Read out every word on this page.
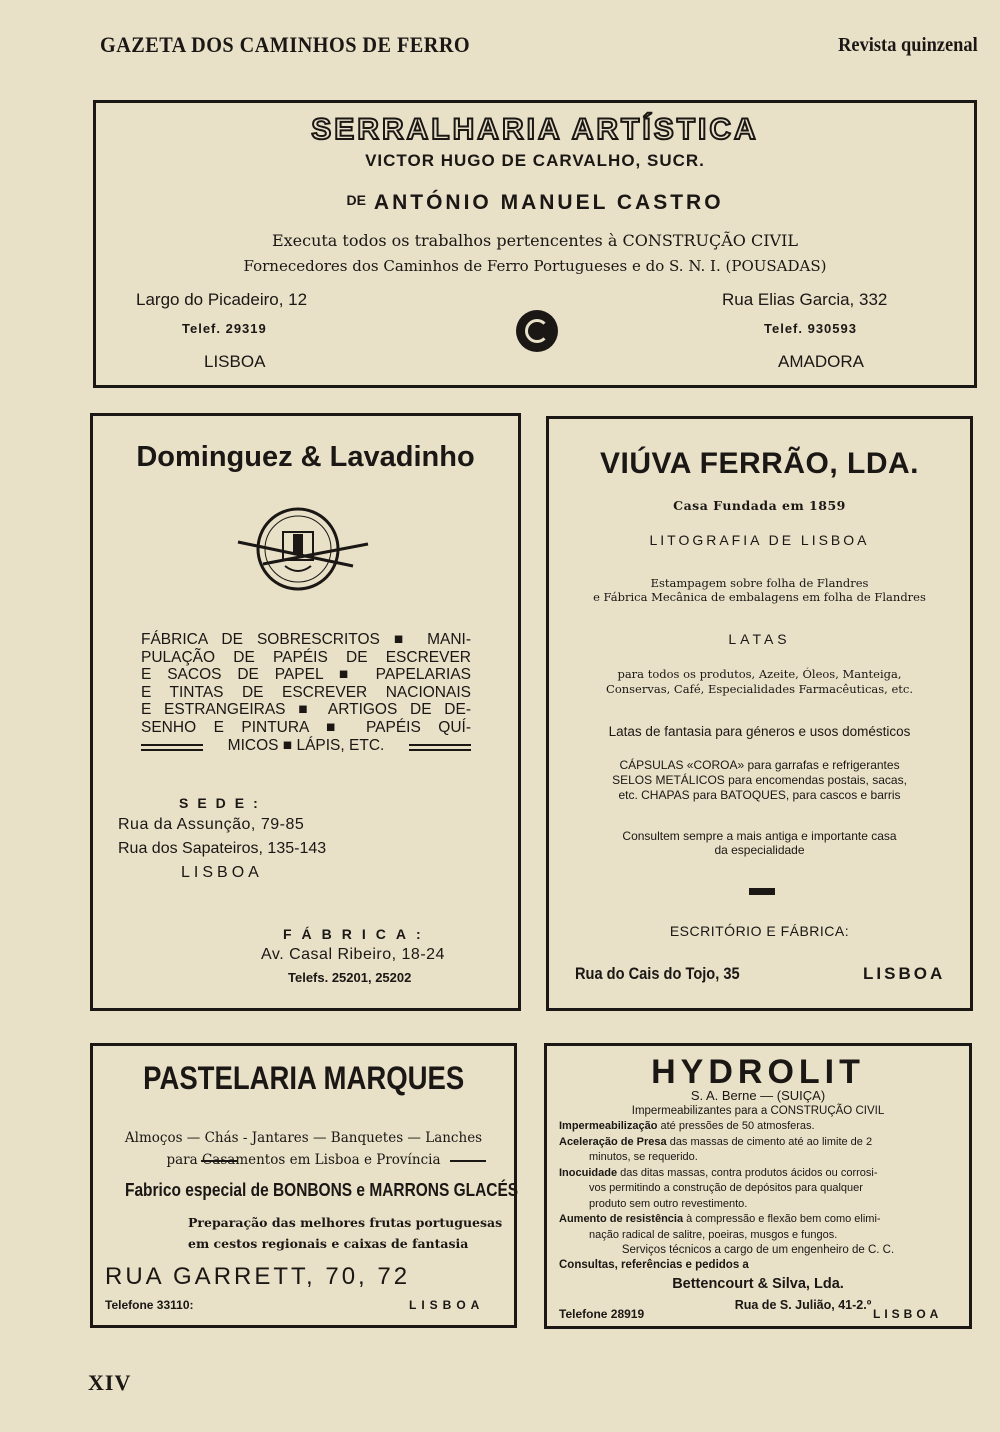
GAZETA DOS CAMINHOS DE FERRO	Revista quinzenal
SERRALHARIA ARTÍSTICA
VICTOR HUGO DE CARVALHO, SUCR.
DE ANTÓNIO MANUEL CASTRO
Executa todos os trabalhos pertencentes à CONSTRUÇÃO CIVIL
Fornecedores dos Caminhos de Ferro Portugueses e do S. N. I. (POUSADAS)
Largo do Picadeiro, 12
Telef. 29319
LISBOA
Rua Elias Garcia, 332
Telef. 930593
AMADORA
Dominguez & Lavadinho
FÁBRICA DE SOBRESCRITOS ■ MANI-
PULAÇÃO DE PAPÉIS DE ESCREVER
E SACOS DE PAPEL ■ PAPELARIAS
E TINTAS DE ESCREVER NACIONAIS
E ESTRANGEIRAS ■ ARTIGOS DE DE-
SENHO E PINTURA ■ PAPÉIS QUÍ-
MICOS ■ LÁPIS, ETC.
SEDE:
Rua da Assunção, 79-85
Rua dos Sapateiros, 135-143
LISBOA
FÁBRICA:
Av. Casal Ribeiro, 18-24
Telefs. 25201, 25202
VIÚVA FERRÃO, LDA.
Casa Fundada em 1859
LITOGRAFIA DE LISBOA
Estampagem sobre folha de Flandres
e Fábrica Mecânica de embalagens em folha de Flandres
LATAS
para todos os produtos, Azeite, Óleos, Manteiga,
Conservas, Café, Especialidades Farmacêuticas, etc.
Latas de fantasia para géneros e usos domésticos
CÁPSULAS «COROA» para garrafas e refrigerantes
SELOS METÁLICOS para encomendas postais, sacas,
etc. CHAPAS para BATOQUES, para cascos e barris
Consultem sempre a mais antiga e importante casa
da especialidade
ESCRITÓRIO E FÁBRICA:
Rua do Cais do Tojo, 35	LISBOA
PASTELARIA MARQUES
Almoços — Chás - Jantares — Banquetes — Lanches
para Casamentos em Lisboa e Província
Fabrico especial de BONBONS e MARRONS GLACÉS
Preparação das melhores frutas portuguesas
em cestos regionais e caixas de fantasia
RUA GARRETT, 70, 72
Telefone 33110:	LISBOA
HYDROLIT
S. A. Berne — (SUIÇA)
Impermeabilizantes para a CONSTRUÇÃO CIVIL
Impermeabilização até pressões de 50 atmosferas.
Aceleração de Presa das massas de cimento até ao limite de 2
minutos, se requerido.
Inocuidade das ditas massas, contra produtos ácidos ou corrosi-
vos permitindo a construção de depósitos para qualquer
produto sem outro revestimento.
Aumento de resistência à compressão e flexão bem como elimi-
nação radical de salitre, poeiras, musgos e fungos.
Serviços técnicos a cargo de um engenheiro de C. C.
Consultas, referências e pedidos a
Bettencourt & Silva, Lda.
Rua de S. Julião, 41-2.º
Telefone 28919	LISBOA
XIV
